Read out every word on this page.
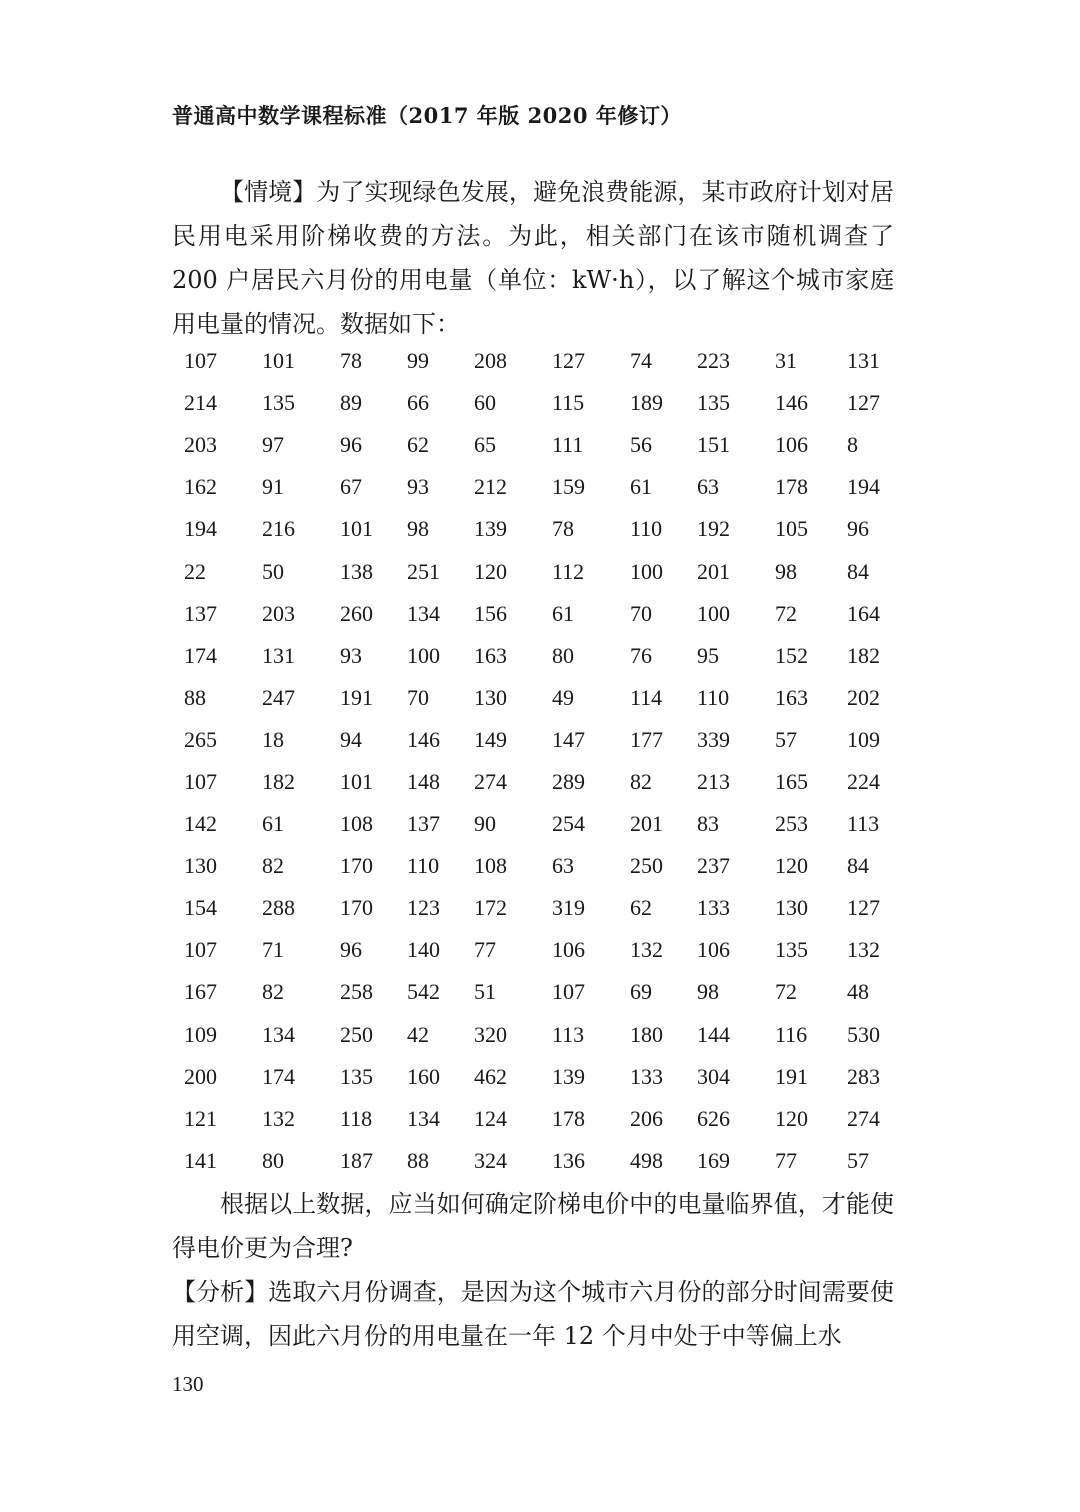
普通高中数学课程标准（2017 年版 2020 年修订）

【情境】为了实现绿色发展，避免浪费能源，某市政府计划对居民用电采用阶梯收费的方法。为此，相关部门在该市随机调查了 200 户居民六月份的用电量（单位：kW·h），以了解这个城市家庭用电量的情况。数据如下：

107	101	78	99	208	127	74	223	31	131
214	135	89	66	60	115	189	135	146	127
203	97	96	62	65	111	56	151	106	8
162	91	67	93	212	159	61	63	178	194
194	216	101	98	139	78	110	192	105	96
22	50	138	251	120	112	100	201	98	84
137	203	260	134	156	61	70	100	72	164
174	131	93	100	163	80	76	95	152	182
88	247	191	70	130	49	114	110	163	202
265	18	94	146	149	147	177	339	57	109
107	182	101	148	274	289	82	213	165	224
142	61	108	137	90	254	201	83	253	113
130	82	170	110	108	63	250	237	120	84
154	288	170	123	172	319	62	133	130	127
107	71	96	140	77	106	132	106	135	132
167	82	258	542	51	107	69	98	72	48
109	134	250	42	320	113	180	144	116	530
200	174	135	160	462	139	133	304	191	283
121	132	118	134	124	178	206	626	120	274
141	80	187	88	324	136	498	169	77	57

根据以上数据，应当如何确定阶梯电价中的电量临界值，才能使得电价更为合理?

【分析】选取六月份调查，是因为这个城市六月份的部分时间需要使用空调，因此六月份的用电量在一年 12 个月中处于中等偏上水

130
